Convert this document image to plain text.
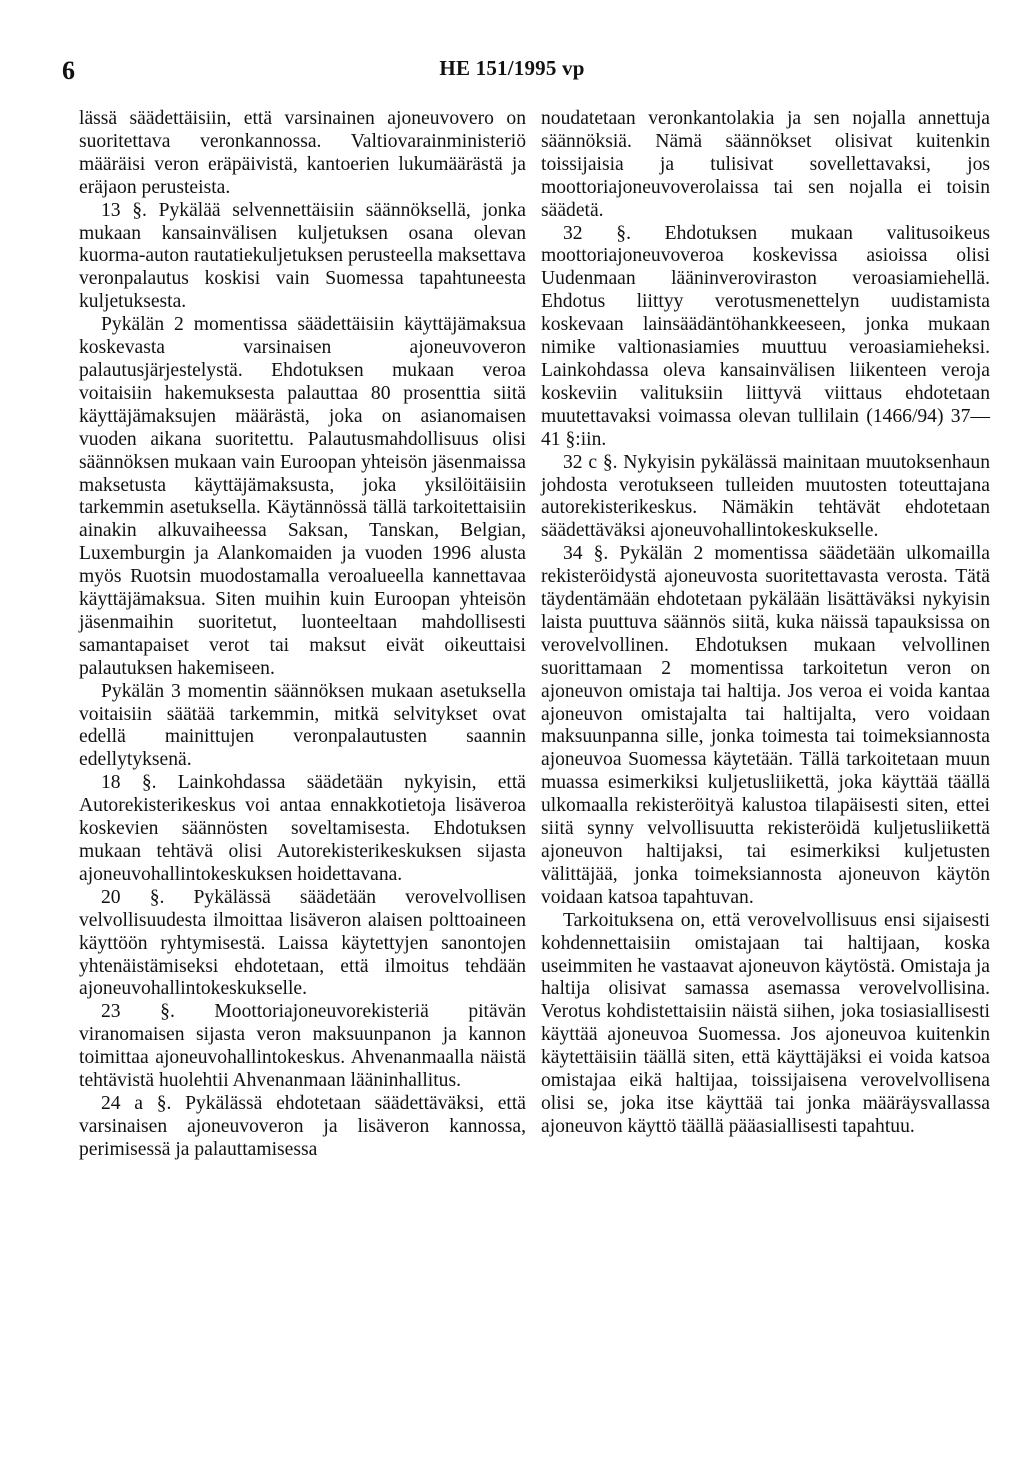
6	HE 151/1995 vp

lässä säädettäisiin, että varsinainen ajoneuvovero on suoritettava veronkannossa. Valtiovarainministeriö määräisi veron eräpäivistä, kantoerien lukumäärästä ja eräjaon perusteista.

13 §. Pykälää selvennettäisiin säännöksellä, jonka mukaan kansainvälisen kuljetuksen osana olevan kuorma-auton rautatiekuljetuksen perusteella maksettava veronpalautus koskisi vain Suomessa tapahtuneesta kuljetuksesta.

Pykälän 2 momentissa säädettäisiin käyttäjämaksua koskevasta varsinaisen ajoneuvoveron palautusjärjestelystä. Ehdotuksen mukaan veroa voitaisiin hakemuksesta palauttaa 80 prosenttia siitä käyttäjämaksujen määrästä, joka on asianomaisen vuoden aikana suoritettu. Palautusmahdollisuus olisi säännöksen mukaan vain Euroopan yhteisön jäsenmaissa maksetusta käyttäjämaksusta, joka yksilöitäisiin tarkemmin asetuksella. Käytännössä tällä tarkoitettaisiin ainakin alkuvaiheessa Saksan, Tanskan, Belgian, Luxemburgin ja Alankomaiden ja vuoden 1996 alusta myös Ruotsin muodostamalla veroalueella kannettavaa käyttäjämaksua. Siten muihin kuin Euroopan yhteisön jäsenmaihin suoritetut, luonteeltaan mahdollisesti samantapaiset verot tai maksut eivät oikeuttaisi palautuksen hakemiseen.

Pykälän 3 momentin säännöksen mukaan asetuksella voitaisiin säätää tarkemmin, mitkä selvitykset ovat edellä mainittujen veronpalautusten saannin edellytyksenä.

18 §. Lainkohdassa säädetään nykyisin, että Autorekisterikeskus voi antaa ennakkotietoja lisäveroa koskevien säännösten soveltamisesta. Ehdotuksen mukaan tehtävä olisi Autorekisterikeskuksen sijasta ajoneuvohallintokeskuksen hoidettavana.

20 §. Pykälässä säädetään verovelvollisen velvollisuudesta ilmoittaa lisäveron alaisen polttoaineen käyttöön ryhtymisestä. Laissa käytettyjen sanontojen yhtenäistämiseksi ehdotetaan, että ilmoitus tehdään ajoneuvohallintokeskukselle.

23 §. Moottoriajoneuvorekisteriä pitävän viranomaisen sijasta veron maksuunpanon ja kannon toimittaa ajoneuvohallintokeskus. Ahvenanmaalla näistä tehtävistä huolehtii Ahvenanmaan lääninhallitus.

24 a §. Pykälässä ehdotetaan säädettäväksi, että varsinaisen ajoneuvoveron ja lisäveron kannossa, perimisessä ja palauttamisessa

noudatetaan veronkantolakia ja sen nojalla annettuja säännöksiä. Nämä säännökset olisivat kuitenkin toissijaisia ja tulisivat sovellettavaksi, jos moottoriajoneuvoverolaissa tai sen nojalla ei toisin säädetä.

32 §. Ehdotuksen mukaan valitusoikeus moottoriajoneuvoveroa koskevissa asioissa olisi Uudenmaan lääninveroviraston veroasiamiehellä. Ehdotus liittyy verotusmenettelyn uudistamista koskevaan lainsäädäntöhankkeeseen, jonka mukaan nimike valtionasiamies muuttuu veroasiamieheksi. Lainkohdassa oleva kansainvälisen liikenteen veroja koskeviin valituksiin liittyvä viittaus ehdotetaan muutettavaksi voimassa olevan tullilain (1466/94) 37—41 §:iin.

32 c §. Nykyisin pykälässä mainitaan muutoksenhaun johdosta verotukseen tulleiden muutosten toteuttajana autorekisterikeskus. Nämäkin tehtävät ehdotetaan säädettäväksi ajoneuvohallintokeskukselle.

34 §. Pykälän 2 momentissa säädetään ulkomailla rekisteröidystä ajoneuvosta suoritettavasta verosta. Tätä täydentämään ehdotetaan pykälään lisättäväksi nykyisin laista puuttuva säännös siitä, kuka näissä tapauksissa on verovelvollinen. Ehdotuksen mukaan velvollinen suorittamaan 2 momentissa tarkoitetun veron on ajoneuvon omistaja tai haltija. Jos veroa ei voida kantaa ajoneuvon omistajalta tai haltijalta, vero voidaan maksuunpanna sille, jonka toimesta tai toimeksiannosta ajoneuvoa Suomessa käytetään. Tällä tarkoitetaan muun muassa esimerkiksi kuljetusliikettä, joka käyttää täällä ulkomaalla rekisteröityä kalustoa tilapäisesti siten, ettei siitä synny velvollisuutta rekisteröidä kuljetusliikettä ajoneuvon haltijaksi, tai esimerkiksi kuljetusten välittäjää, jonka toimeksiannosta ajoneuvon käytön voidaan katsoa tapahtuvan.

Tarkoituksena on, että verovelvollisuus ensi sijaisesti kohdennettaisiin omistajaan tai haltijaan, koska useimmiten he vastaavat ajoneuvon käytöstä. Omistaja ja haltija olisivat samassa asemassa verovelvollisina. Verotus kohdistettaisiin näistä siihen, joka tosiasiallisesti käyttää ajoneuvoa Suomessa. Jos ajoneuvoa kuitenkin käytettäisiin täällä siten, että käyttäjäksi ei voida katsoa omistajaa eikä haltijaa, toissijaisena verovelvollisena olisi se, joka itse käyttää tai jonka määräysvallassa ajoneuvon käyttö täällä pääasiallisesti tapahtuu.
